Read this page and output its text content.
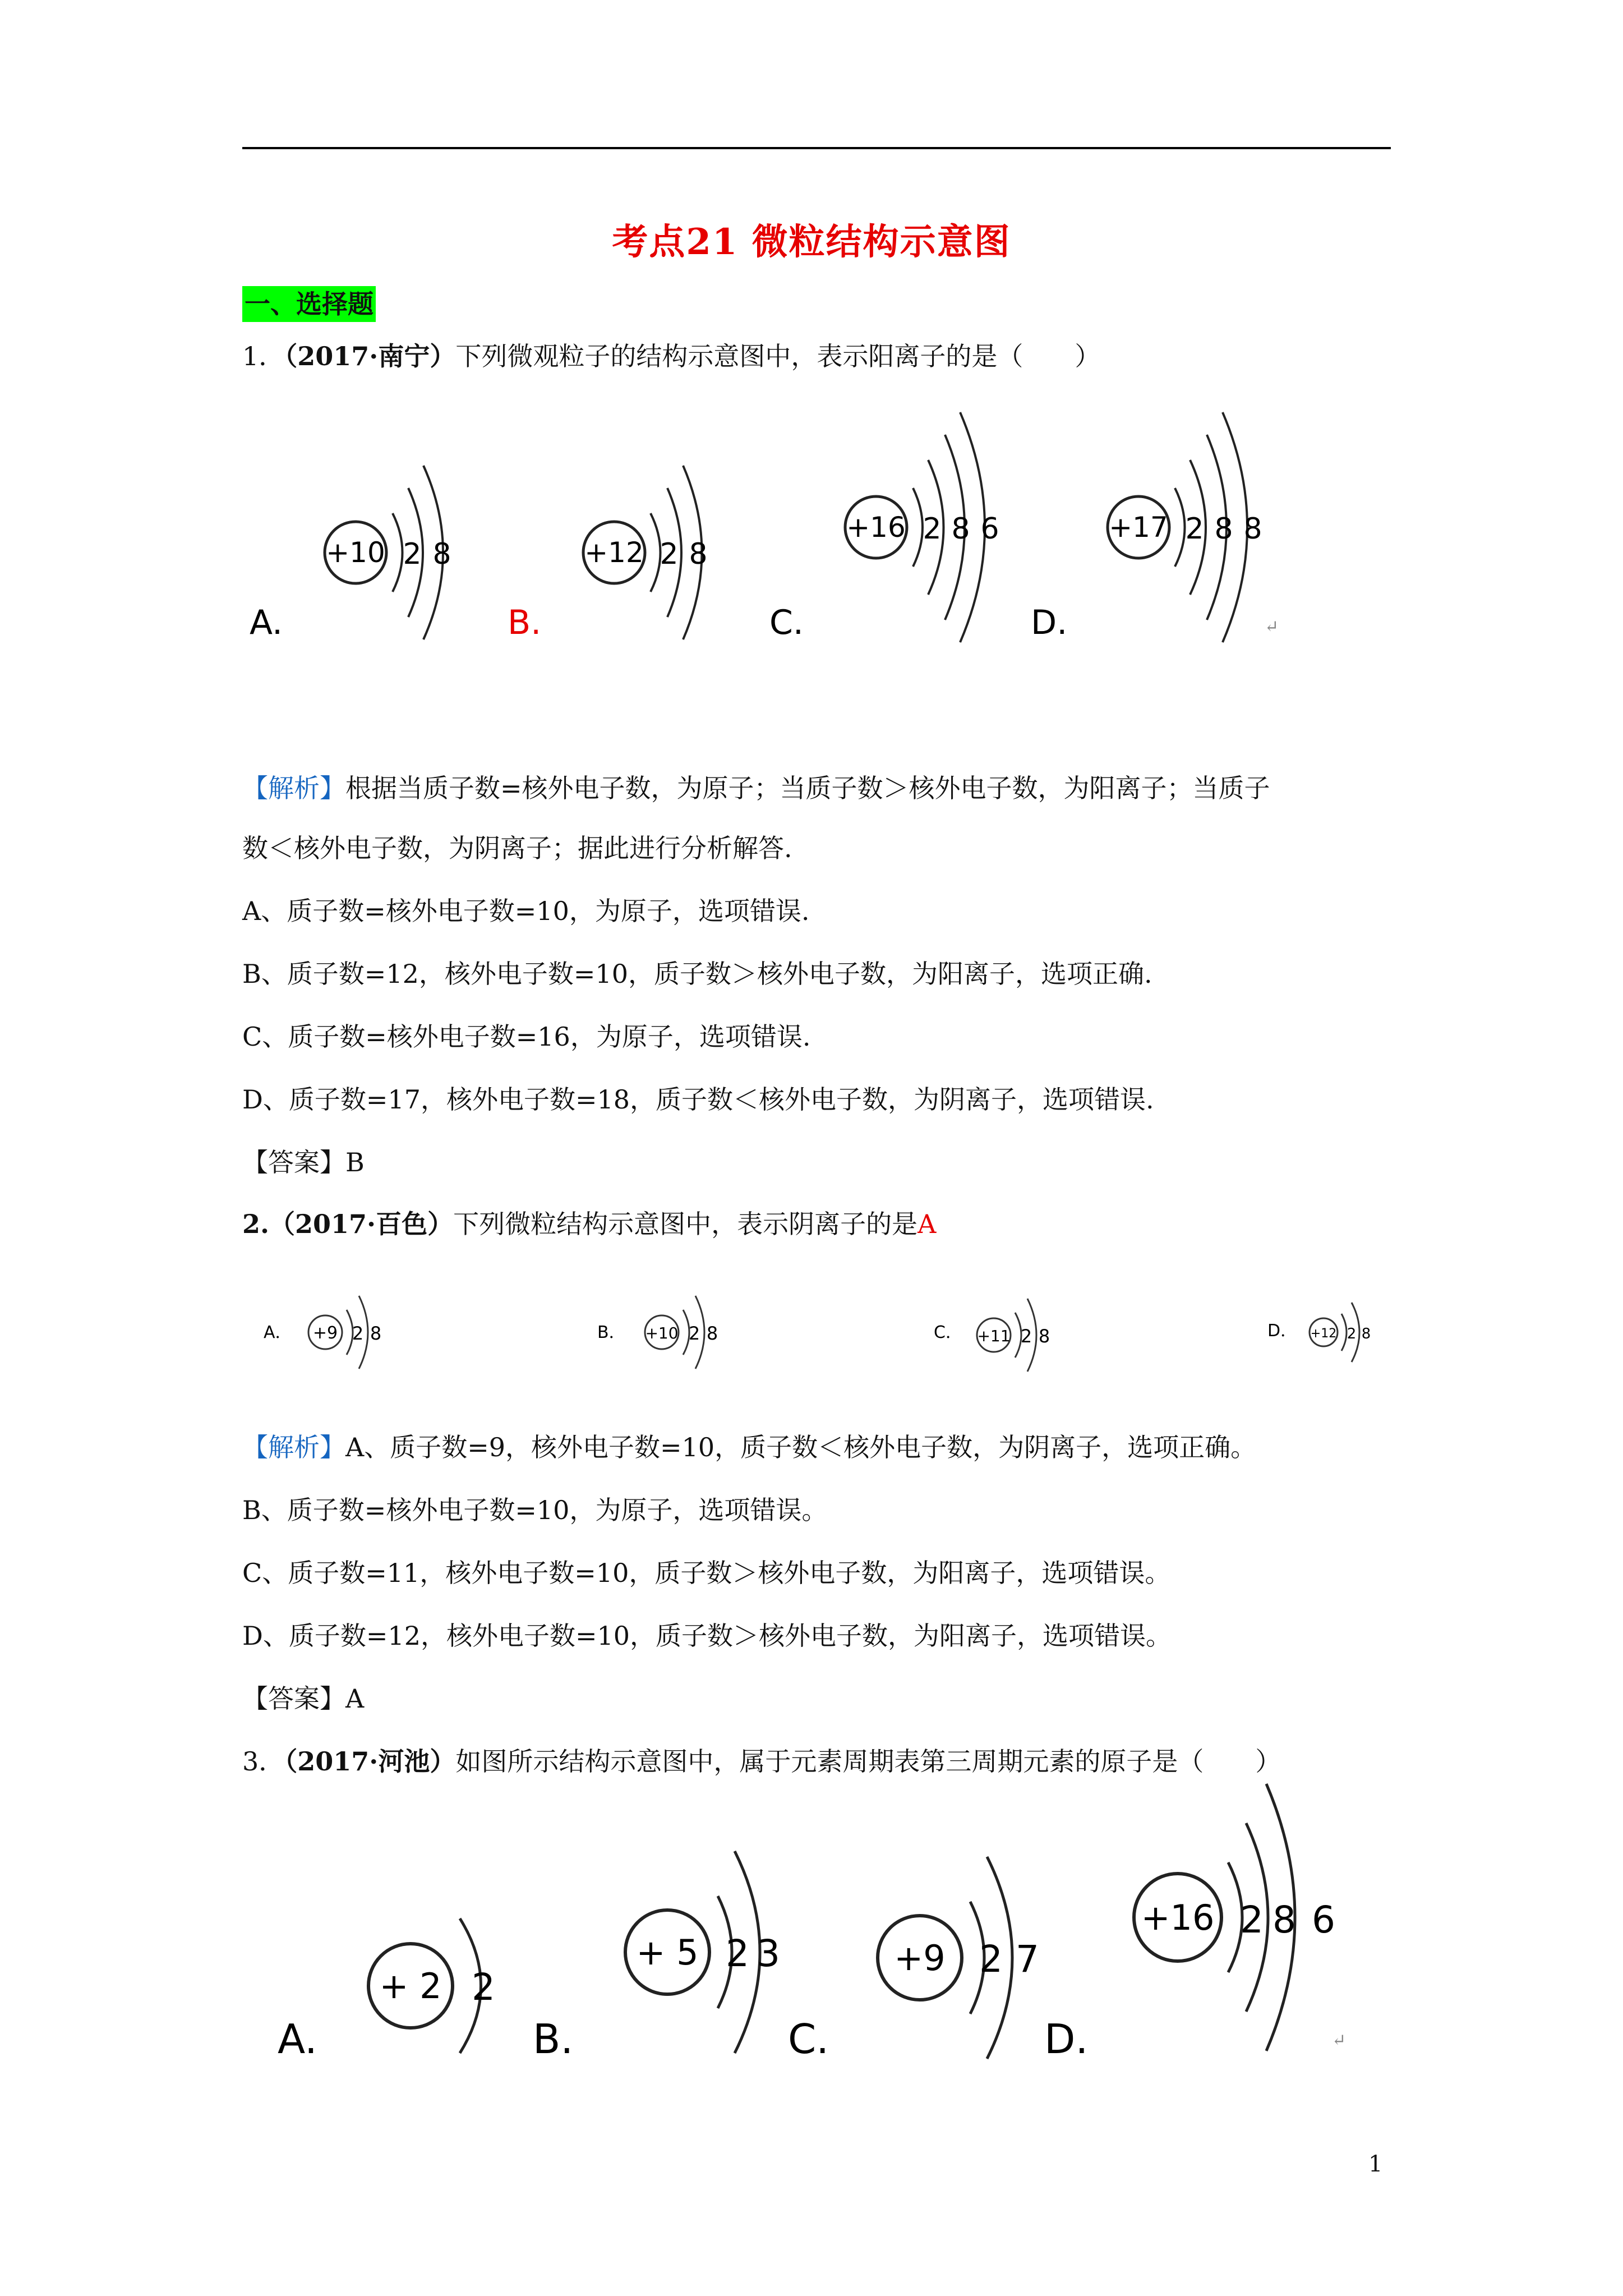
考点21 微粒结构示意图
一、选择题
1．（2017·南宁）下列微观粒子的结构示意图中，表示阳离子的是（　　）
+10 2 8
A.
+12 2 8
B.
+16 2 8 6
C.
+17 2 8 8
D.
A． +9 2 8	B． +10 2 8	C． +11 2 8	D． +12 2 8
A.
+ 2 2
B.
+ 5 2 3
C.
+9 2 7
D.
+16 2 8 6
↵
【解析】根据当质子数=核外电子数，为原子；当质子数＞核外电子数，为阳离子；当质子
数＜核外电子数，为阴离子；据此进行分析解答.
A、质子数=核外电子数=10，为原子，选项错误.
B、质子数=12，核外电子数=10，质子数＞核外电子数，为阳离子，选项正确.
C、质子数=核外电子数=16，为原子，选项错误.
D、质子数=17，核外电子数=18，质子数＜核外电子数，为阴离子，选项错误.
【答案】B
2.（2017·百色）下列微粒结构示意图中，表示阴离子的是A
【解析】A、质子数=9，核外电子数=10，质子数＜核外电子数，为阴离子，选项正确。
B、质子数=核外电子数=10，为原子，选项错误。
C、质子数=11，核外电子数=10，质子数＞核外电子数，为阳离子，选项错误。
D、质子数=12，核外电子数=10，质子数＞核外电子数，为阳离子，选项错误。
【答案】A
3．（2017·河池）如图所示结构示意图中，属于元素周期表第三周期元素的原子是（　　）
↵
1
